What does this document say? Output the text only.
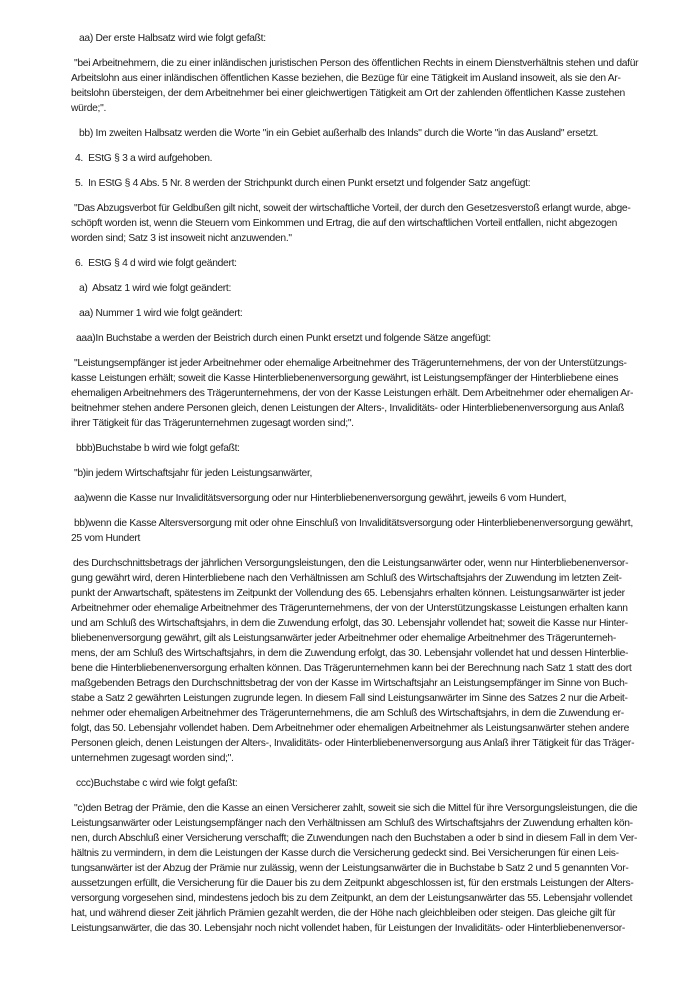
aa) Der erste Halbsatz wird wie folgt gefaßt:
"bei Arbeitnehmern, die zu einer inländischen juristischen Person des öffentlichen Rechts in einem Dienstverhältnis stehen und dafür
Arbeitslohn aus einer inländischen öffentlichen Kasse beziehen, die Bezüge für eine Tätigkeit im Ausland insoweit, als sie den Ar-
beitslohn übersteigen, der dem Arbeitnehmer bei einer gleichwertigen Tätigkeit am Ort der zahlenden öffentlichen Kasse zustehen
würde;".
bb) Im zweiten Halbsatz werden die Worte "in ein Gebiet außerhalb des Inlands" durch die Worte "in das Ausland" ersetzt.
4.  EStG § 3 a wird aufgehoben.
5.  In EStG § 4 Abs. 5 Nr. 8 werden der Strichpunkt durch einen Punkt ersetzt und folgender Satz angefügt:
"Das Abzugsverbot für Geldbußen gilt nicht, soweit der wirtschaftliche Vorteil, der durch den Gesetzesverstoß erlangt wurde, abge-
schöpft worden ist, wenn die Steuern vom Einkommen und Ertrag, die auf den wirtschaftlichen Vorteil entfallen, nicht abgezogen
worden sind; Satz 3 ist insoweit nicht anzuwenden."
6.  EStG § 4 d wird wie folgt geändert:
a)  Absatz 1 wird wie folgt geändert:
aa) Nummer 1 wird wie folgt geändert:
aaa)In Buchstabe a werden der Beistrich durch einen Punkt ersetzt und folgende Sätze angefügt:
"Leistungsempfänger ist jeder Arbeitnehmer oder ehemalige Arbeitnehmer des Trägerunternehmens, der von der Unterstützungs-
kasse Leistungen erhält; soweit die Kasse Hinterbliebenenversorgung gewährt, ist Leistungsempfänger der Hinterbliebene eines
ehemaligen Arbeitnehmers des Trägerunternehmens, der von der Kasse Leistungen erhält. Dem Arbeitnehmer oder ehemaligen Ar-
beitnehmer stehen andere Personen gleich, denen Leistungen der Alters-, Invaliditäts- oder Hinterbliebenenversorgung aus Anlaß
ihrer Tätigkeit für das Trägerunternehmen zugesagt worden sind;".
bbb)Buchstabe b wird wie folgt gefaßt:
"b)in jedem Wirtschaftsjahr für jeden Leistungsanwärter,
aa)wenn die Kasse nur Invaliditätsversorgung oder nur Hinterbliebenenversorgung gewährt, jeweils 6 vom Hundert,
bb)wenn die Kasse Altersversorgung mit oder ohne Einschluß von Invaliditätsversorgung oder Hinterbliebenenversorgung gewährt,
25 vom Hundert
des Durchschnittsbetrags der jährlichen Versorgungsleistungen, den die Leistungsanwärter oder, wenn nur Hinterbliebenenversor-
gung gewährt wird, deren Hinterbliebene nach den Verhältnissen am Schluß des Wirtschaftsjahrs der Zuwendung im letzten Zeit-
punkt der Anwartschaft, spätestens im Zeitpunkt der Vollendung des 65. Lebensjahrs erhalten können. Leistungsanwärter ist jeder
Arbeitnehmer oder ehemalige Arbeitnehmer des Trägerunternehmens, der von der Unterstützungskasse Leistungen erhalten kann
und am Schluß des Wirtschaftsjahrs, in dem die Zuwendung erfolgt, das 30. Lebensjahr vollendet hat; soweit die Kasse nur Hinter-
bliebenenversorgung gewährt, gilt als Leistungsanwärter jeder Arbeitnehmer oder ehemalige Arbeitnehmer des Trägerunterneh-
mens, der am Schluß des Wirtschaftsjahrs, in dem die Zuwendung erfolgt, das 30. Lebensjahr vollendet hat und dessen Hinterblie-
bene die Hinterbliebenenversorgung erhalten können. Das Trägerunternehmen kann bei der Berechnung nach Satz 1 statt des dort
maßgebenden Betrags den Durchschnittsbetrag der von der Kasse im Wirtschaftsjahr an Leistungsempfänger im Sinne von Buch-
stabe a Satz 2 gewährten Leistungen zugrunde legen. In diesem Fall sind Leistungsanwärter im Sinne des Satzes 2 nur die Arbeit-
nehmer oder ehemaligen Arbeitnehmer des Trägerunternehmens, die am Schluß des Wirtschaftsjahrs, in dem die Zuwendung er-
folgt, das 50. Lebensjahr vollendet haben. Dem Arbeitnehmer oder ehemaligen Arbeitnehmer als Leistungsanwärter stehen andere
Personen gleich, denen Leistungen der Alters-, Invaliditäts- oder Hinterbliebenenversorgung aus Anlaß ihrer Tätigkeit für das Träger-
unternehmen zugesagt worden sind;".
ccc)Buchstabe c wird wie folgt gefaßt:
"c)den Betrag der Prämie, den die Kasse an einen Versicherer zahlt, soweit sie sich die Mittel für ihre Versorgungsleistungen, die die
Leistungsanwärter oder Leistungsempfänger nach den Verhältnissen am Schluß des Wirtschaftsjahrs der Zuwendung erhalten kön-
nen, durch Abschluß einer Versicherung verschafft; die Zuwendungen nach den Buchstaben a oder b sind in diesem Fall in dem Ver-
hältnis zu vermindern, in dem die Leistungen der Kasse durch die Versicherung gedeckt sind. Bei Versicherungen für einen Leis-
tungsanwärter ist der Abzug der Prämie nur zulässig, wenn der Leistungsanwärter die in Buchstabe b Satz 2 und 5 genannten Vor-
aussetzungen erfüllt, die Versicherung für die Dauer bis zu dem Zeitpunkt abgeschlossen ist, für den erstmals Leistungen der Alters-
versorgung vorgesehen sind, mindestens jedoch bis zu dem Zeitpunkt, an dem der Leistungsanwärter das 55. Lebensjahr vollendet
hat, und während dieser Zeit jährlich Prämien gezahlt werden, die der Höhe nach gleichbleiben oder steigen. Das gleiche gilt für
Leistungsanwärter, die das 30. Lebensjahr noch nicht vollendet haben, für Leistungen der Invaliditäts- oder Hinterbliebenenversor-
